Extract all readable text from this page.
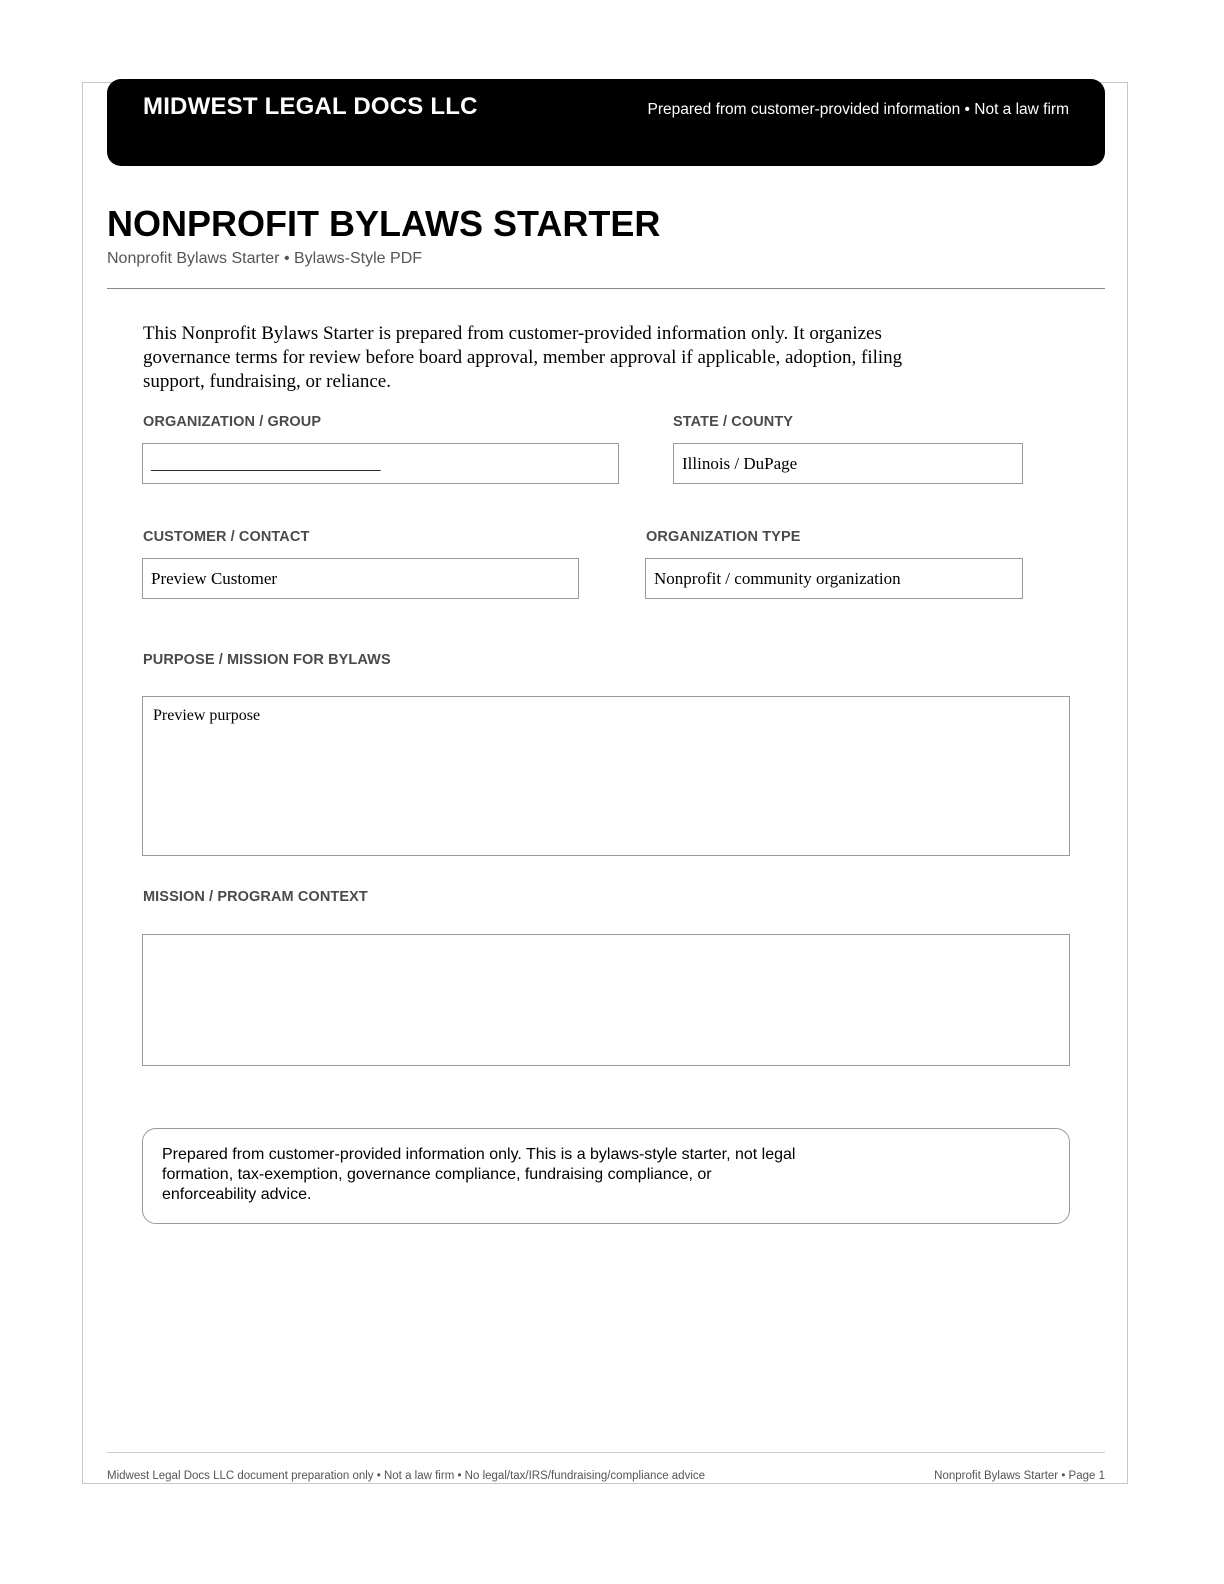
MIDWEST LEGAL DOCS LLC	Prepared from customer-provided information • Not a law firm
NONPROFIT BYLAWS STARTER
Nonprofit Bylaws Starter • Bylaws-Style PDF

This Nonprofit Bylaws Starter is prepared from customer-provided information only. It organizes governance terms for review before board approval, member approval if applicable, adoption, filing support, fundraising, or reliance.

ORGANIZATION / GROUP
___________________________
STATE / COUNTY
Illinois / DuPage
CUSTOMER / CONTACT
Preview Customer
ORGANIZATION TYPE
Nonprofit / community organization
PURPOSE / MISSION FOR BYLAWS
Preview purpose
MISSION / PROGRAM CONTEXT

Prepared from customer-provided information only. This is a bylaws-style starter, not legal formation, tax-exemption, governance compliance, fundraising compliance, or enforceability advice.

Midwest Legal Docs LLC document preparation only • Not a law firm • No legal/tax/IRS/fundraising/compliance advice	Nonprofit Bylaws Starter • Page 1
